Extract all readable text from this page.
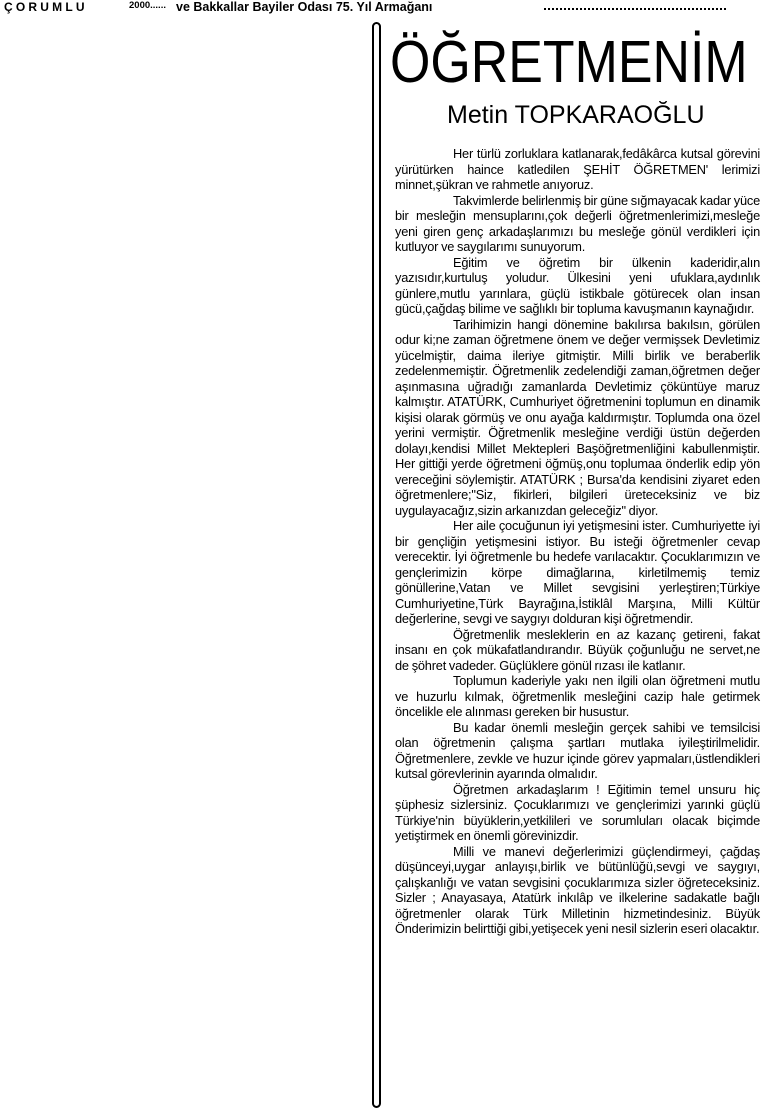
ÇORUMLU	2000...... ve Bakkallar Bayiler Odası 75. Yıl Armağanı
ÖĞRETMENİM
Metin TOPKARAOĞLU

Her türlü zorluklara katlanarak,fedâkârca kutsal görevini yürütürken haince katledilen ŞEHİT ÖĞRETMEN' lerimizi minnet,şükran ve rahmetle anıyoruz.

Takvimlerde belirlenmiş bir güne sığmayacak kadar yüce bir mesleğin mensuplarını,çok değerli öğretmenlerimizi,mesleğe yeni giren genç arkadaşlarımızı bu mesleğe gönül verdikleri için kutluyor ve saygılarımı sunuyorum.

Eğitim ve öğretim bir ülkenin kaderidir,alın yazısıdır,kurtuluş yoludur. Ülkesini yeni ufuklara,aydınlık günlere,mutlu yarınlara, güçlü istikbale götürecek olan insan gücü,çağdaş bilime ve sağlıklı bir topluma kavuşmanın kaynağıdır.

Tarihimizin hangi dönemine bakılırsa bakılsın, görülen odur ki;ne zaman öğretmene önem ve değer vermişsek Devletimiz yücelmiştir, daima ileriye gitmiştir. Milli birlik ve beraberlik zedelenmemiştir. Öğretmenlik zedelendiği zaman,öğretmen değer aşınmasına uğradığı zamanlarda Devletimiz çöküntüye maruz kalmıştır. ATATÜRK, Cumhuriyet öğretmenini toplumun en dinamik kişisi olarak görmüş ve onu ayağa kaldırmıştır. Toplumda ona özel yerini vermiştir. Öğretmenlik mesleğine verdiği üstün değerden dolayı,kendisi Millet Mektepleri Başöğretmenliğini kabullenmiştir. Her gittiği yerde öğretmeni öğmüş,onu toplumaa önderlik edip yön vereceğini söylemiştir. ATATÜRK ; Bursa'da kendisini ziyaret eden öğretmenlere;"Siz, fikirleri, bilgileri üreteceksiniz ve biz uygulayacağız,sizin arkanızdan geleceğiz" diyor.

Her aile çocuğunun iyi yetişmesini ister. Cumhuriyette iyi bir gençliğin yetişmesini istiyor. Bu isteği öğretmenler cevap verecektir. İyi öğretmenle bu hedefe varılacaktır. Çocuklarımızın ve gençlerimizin körpe dimağlarına, kirletilmemiş temiz gönüllerine,Vatan ve Millet sevgisini yerleştiren;Türkiye Cumhuriyetine,Türk Bayrağına,İstiklâl Marşına, Milli Kültür değerlerine, sevgi ve saygıyı dolduran kişi öğretmendir.

Öğretmenlik mesleklerin en az kazanç getireni, fakat insanı en çok mükafatlandırandır. Büyük çoğunluğu ne servet,ne de şöhret vadeder. Güçlüklere gönül rızası ile katlanır.

Toplumun kaderiyle yakı nen ilgili olan öğretmeni mutlu ve huzurlu kılmak, öğretmenlik mesleğini cazip hale getirmek öncelikle ele alınması gereken bir husustur.

Bu kadar önemli mesleğin gerçek sahibi ve temsilcisi olan öğretmenin çalışma şartları mutlaka iyileştirilmelidir. Öğretmenlere, zevkle ve huzur içinde görev yapmaları,üstlendikleri kutsal görevlerinin ayarında olmalıdır.

Öğretmen arkadaşlarım ! Eğitimin temel unsuru hiç şüphesiz sizlersiniz. Çocuklarımızı ve gençlerimizi yarınki güçlü Türkiye'nin büyüklerin,yetkilileri ve sorumluları olacak biçimde yetiştirmek en önemli görevinizdir.

Milli ve manevi değerlerimizi güçlendirmeyi, çağdaş düşünceyi,uygar anlayışı,birlik ve bütünlüğü,sevgi ve saygıyı, çalışkanlığı ve vatan sevgisini çocuklarımıza sizler öğreteceksiniz. Sizler ; Anayasaya, Atatürk inkılâp ve ilkelerine sadakatle bağlı öğretmenler olarak Türk Milletinin hizmetindesiniz. Büyük Önderimizin belirttiği gibi,yetişecek yeni nesil sizlerin eseri olacaktır.
